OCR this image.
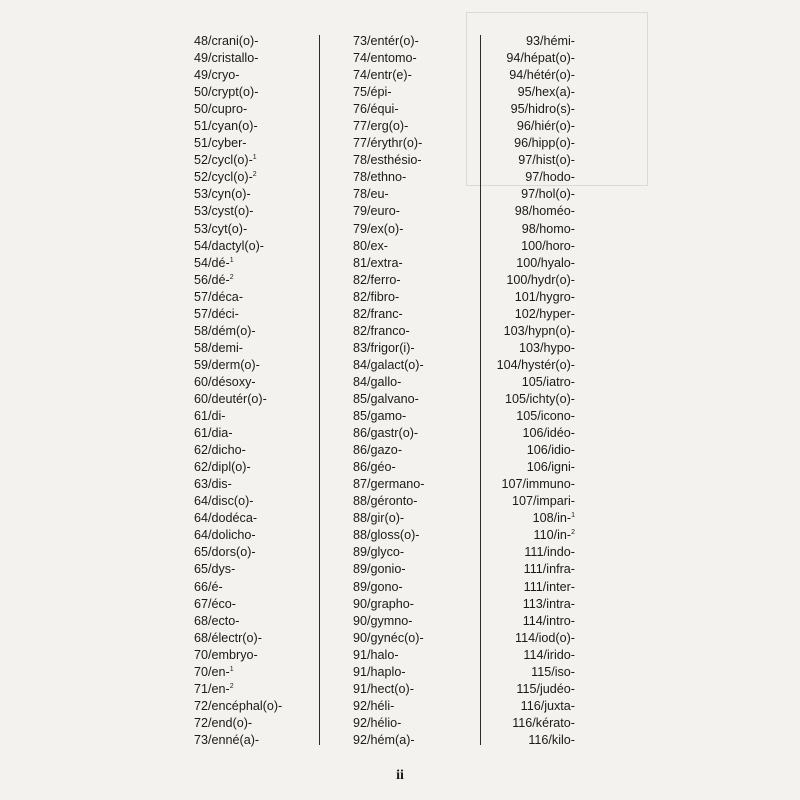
48/crani(o)-
49/cristallo-
49/cryo-
50/crypt(o)-
50/cupro-
51/cyan(o)-
51/cyber-
52/cycl(o)-$^1$
52/cycl(o)-$^2$
53/cyn(o)-
53/cyst(o)-
53/cyt(o)-
54/dactyl(o)-
54/dé-$^1$
56/dé-$^2$
57/déca-
57/déci-
58/dém(o)-
58/demi-
59/derm(o)-
60/désoxy-
60/deutér(o)-
61/di-
61/dia-
62/dicho-
62/dipl(o)-
63/dis-
64/disc(o)-
64/dodéca-
64/dolicho-
65/dors(o)-
65/dys-
66/é-
67/éco-
68/ecto-
68/électr(o)-
70/embryo-
70/en-$^1$
71/en-$^2$
72/encéphal(o)-
72/end(o)-
73/enné(a)-
73/entér(o)-
74/entomo-
74/entr(e)-
75/épi-
76/équi-
77/erg(o)-
77/érythr(o)-
78/esthésio-
78/ethno-
78/eu-
79/euro-
79/ex(o)-
80/ex-
81/extra-
82/ferro-
82/fibro-
82/franc-
82/franco-
83/frigor(i)-
84/galact(o)-
84/gallo-
85/galvano-
85/gamo-
86/gastr(o)-
86/gazo-
86/géo-
87/germano-
88/géronto-
88/gir(o)-
88/gloss(o)-
89/glyco-
89/gonio-
89/gono-
90/grapho-
90/gymno-
90/gynéc(o)-
91/halo-
91/haplo-
91/hect(o)-
92/héli-
92/hélio-
92/hém(a)-
93/hémi-
94/hépat(o)-
94/hétér(o)-
95/hex(a)-
95/hidro(s)-
96/hiér(o)-
96/hipp(o)-
97/hist(o)-
97/hodo-
97/hol(o)-
98/homéo-
98/homo-
100/horo-
100/hyalo-
100/hydr(o)-
101/hygro-
102/hyper-
103/hypn(o)-
103/hypo-
104/hystér(o)-
105/iatro-
105/ichty(o)-
105/icono-
106/idéo-
106/idio-
106/igni-
107/immuno-
107/impari-
108/in-$^1$
110/in-$^2$
111/indo-
111/infra-
111/inter-
113/intra-
114/intro-
114/iod(o)-
114/irido-
115/iso-
115/judéo-
116/juxta-
116/kérato-
116/kilo-
ii
